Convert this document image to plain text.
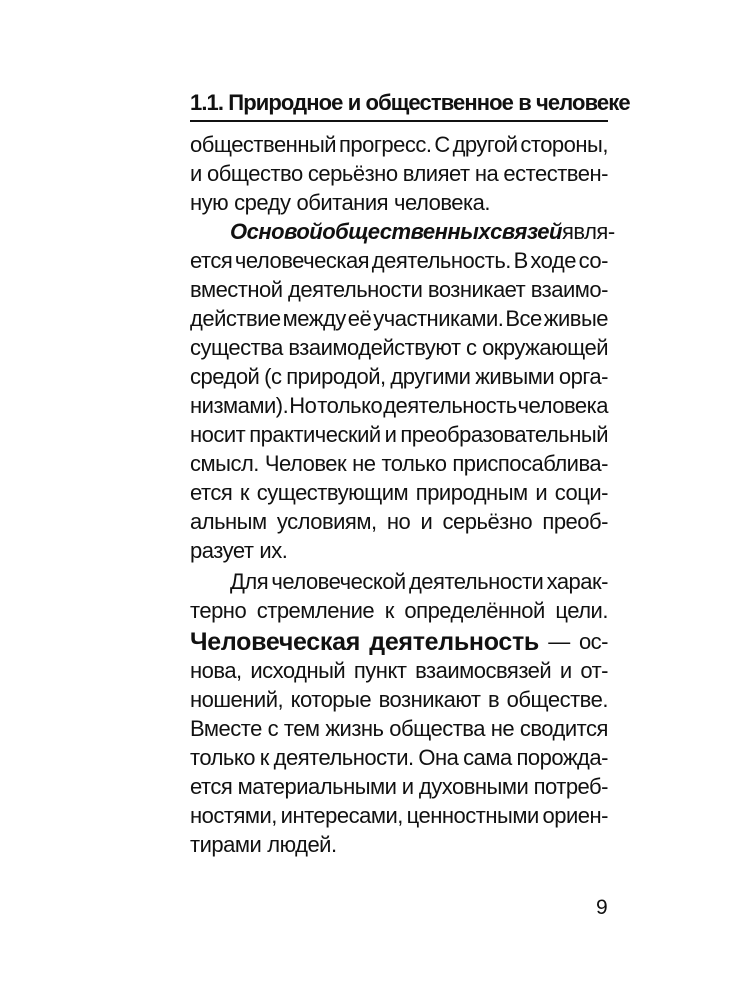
1.1. Природное и общественное в человеке
общественный прогресс. С другой стороны,
и общество серьёзно влияет на естествен-
ную среду обитания человека.
Основой общественных связей явля-
ется человеческая деятельность. В ходе со-
вместной деятельности возникает взаимо-
действие между её участниками. Все живые
существа взаимодействуют с окружающей
средой (с природой, другими живыми орга-
низмами). Но только деятельность человека
носит практический и преобразовательный
смысл. Человек не только приспосаблива-
ется к существующим природным и соци-
альным условиям, но и серьёзно преоб-
разует их.
Для человеческой деятельности харак-
терно стремление к определённой цели.
Человеческая деятельность — ос-
нова, исходный пункт взаимосвязей и от-
ношений, которые возникают в обществе.
Вместе с тем жизнь общества не сводится
только к деятельности. Она сама порожда-
ется материальными и духовными потреб-
ностями, интересами, ценностными ориен-
тирами людей.
9
